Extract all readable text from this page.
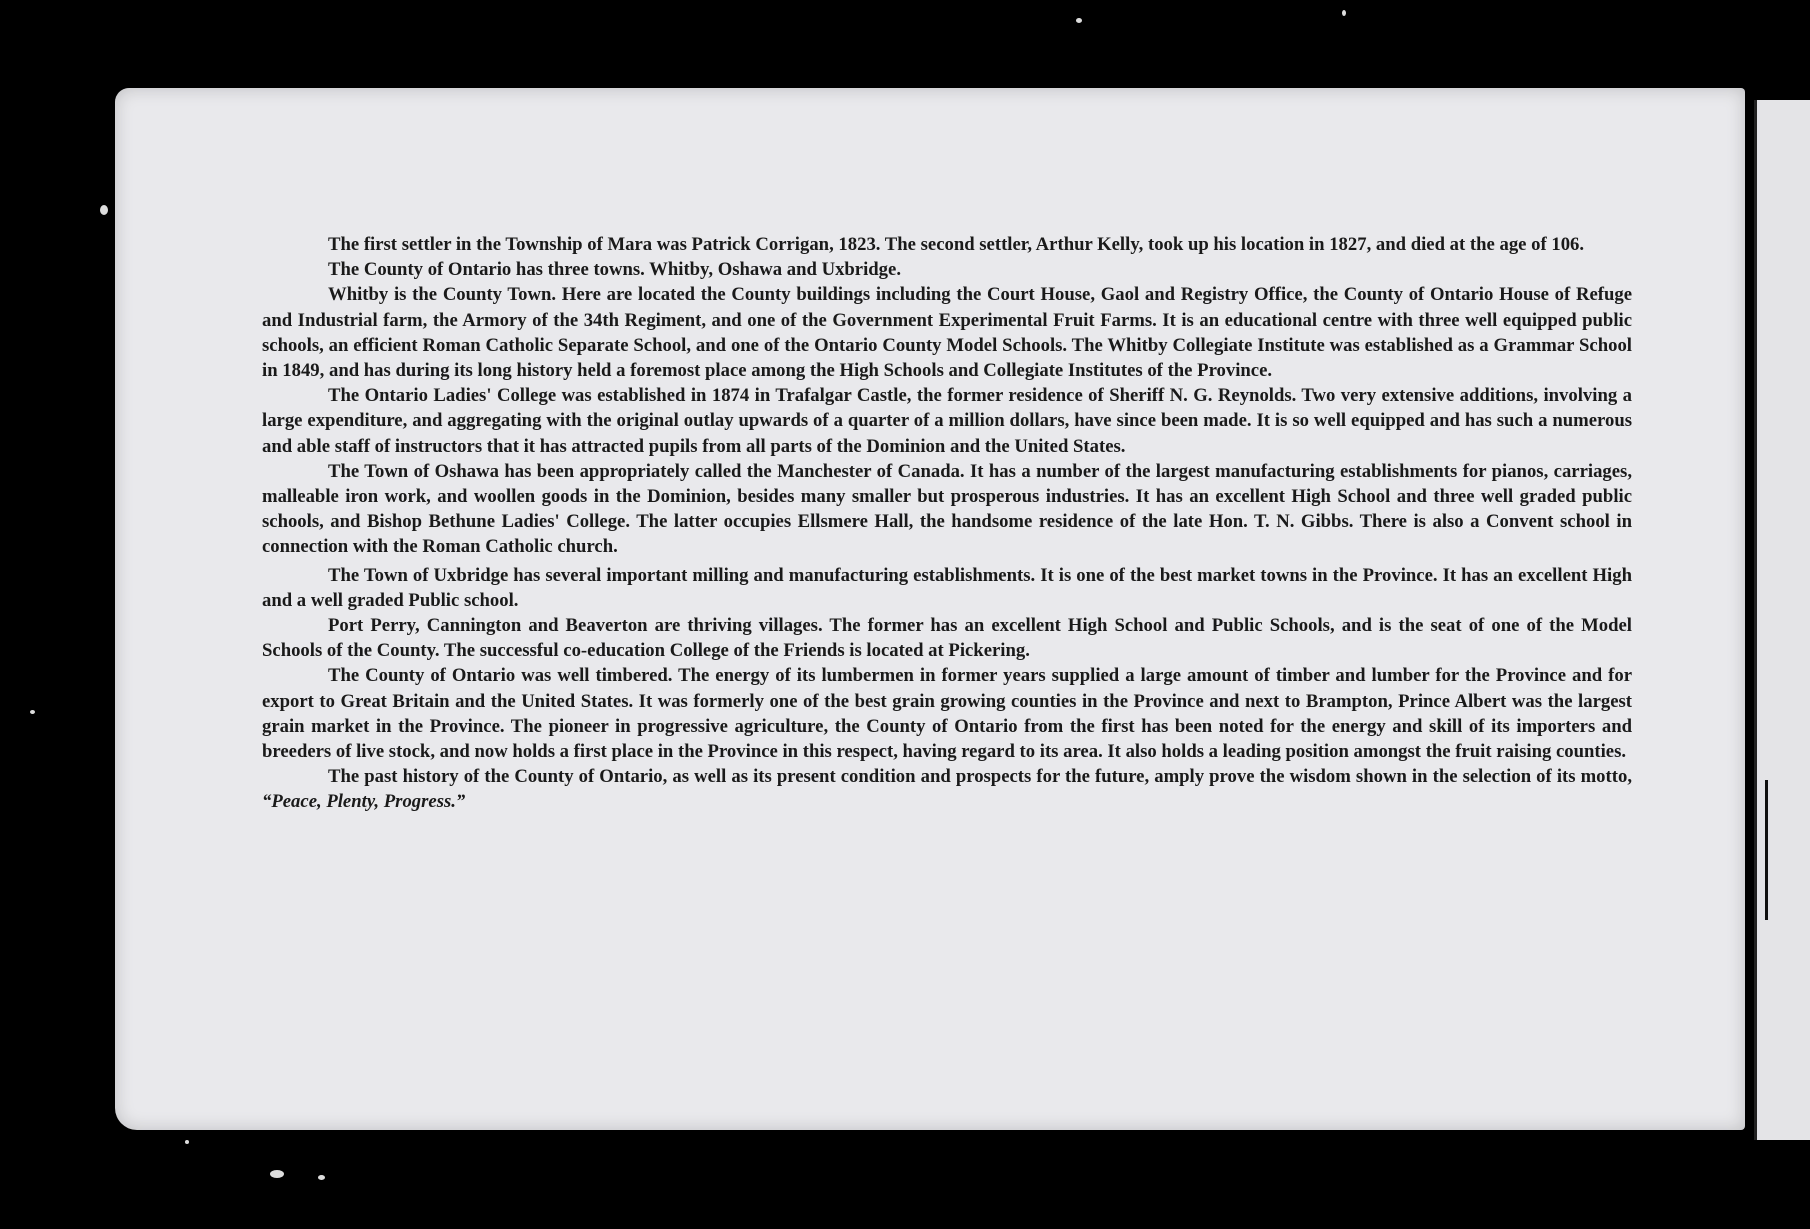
The first settler in the Township of Mara was Patrick Corrigan, 1823. The second settler, Arthur Kelly, took up his location in 1827, and died at the age of 106.

The County of Ontario has three towns. Whitby, Oshawa and Uxbridge.

Whitby is the County Town. Here are located the County buildings including the Court House, Gaol and Registry Office, the County of Ontario House of Refuge and Industrial farm, the Armory of the 34th Regiment, and one of the Government Experimental Fruit Farms. It is an educational centre with three well equipped public schools, an efficient Roman Catholic Separate School, and one of the Ontario County Model Schools. The Whitby Collegiate Institute was established as a Grammar School in 1849, and has during its long history held a foremost place among the High Schools and Collegiate Institutes of the Province.

The Ontario Ladies' College was established in 1874 in Trafalgar Castle, the former residence of Sheriff N. G. Reynolds. Two very extensive additions, involving a large expenditure, and aggregating with the original outlay upwards of a quarter of a million dollars, have since been made. It is so well equipped and has such a numerous and able staff of instructors that it has attracted pupils from all parts of the Dominion and the United States.

The Town of Oshawa has been appropriately called the Manchester of Canada. It has a number of the largest manufacturing establishments for pianos, carriages, malleable iron work, and woollen goods in the Dominion, besides many smaller but prosperous industries. It has an excellent High School and three well graded public schools, and Bishop Bethune Ladies' College. The latter occupies Ellsmere Hall, the handsome residence of the late Hon. T. N. Gibbs. There is also a Convent school in connection with the Roman Catholic church.

The Town of Uxbridge has several important milling and manufacturing establishments. It is one of the best market towns in the Province. It has an excellent High and a well graded Public school.

Port Perry, Cannington and Beaverton are thriving villages. The former has an excellent High School and Public Schools, and is the seat of one of the Model Schools of the County. The successful co-education College of the Friends is located at Pickering.

The County of Ontario was well timbered. The energy of its lumbermen in former years supplied a large amount of timber and lumber for the Province and for export to Great Britain and the United States. It was formerly one of the best grain growing counties in the Province and next to Brampton, Prince Albert was the largest grain market in the Province. The pioneer in progressive agriculture, the County of Ontario from the first has been noted for the energy and skill of its importers and breeders of live stock, and now holds a first place in the Province in this respect, having regard to its area. It also holds a leading position amongst the fruit raising counties.

The past history of the County of Ontario, as well as its present condition and prospects for the future, amply prove the wisdom shown in the selection of its motto, “Peace, Plenty, Progress.”
